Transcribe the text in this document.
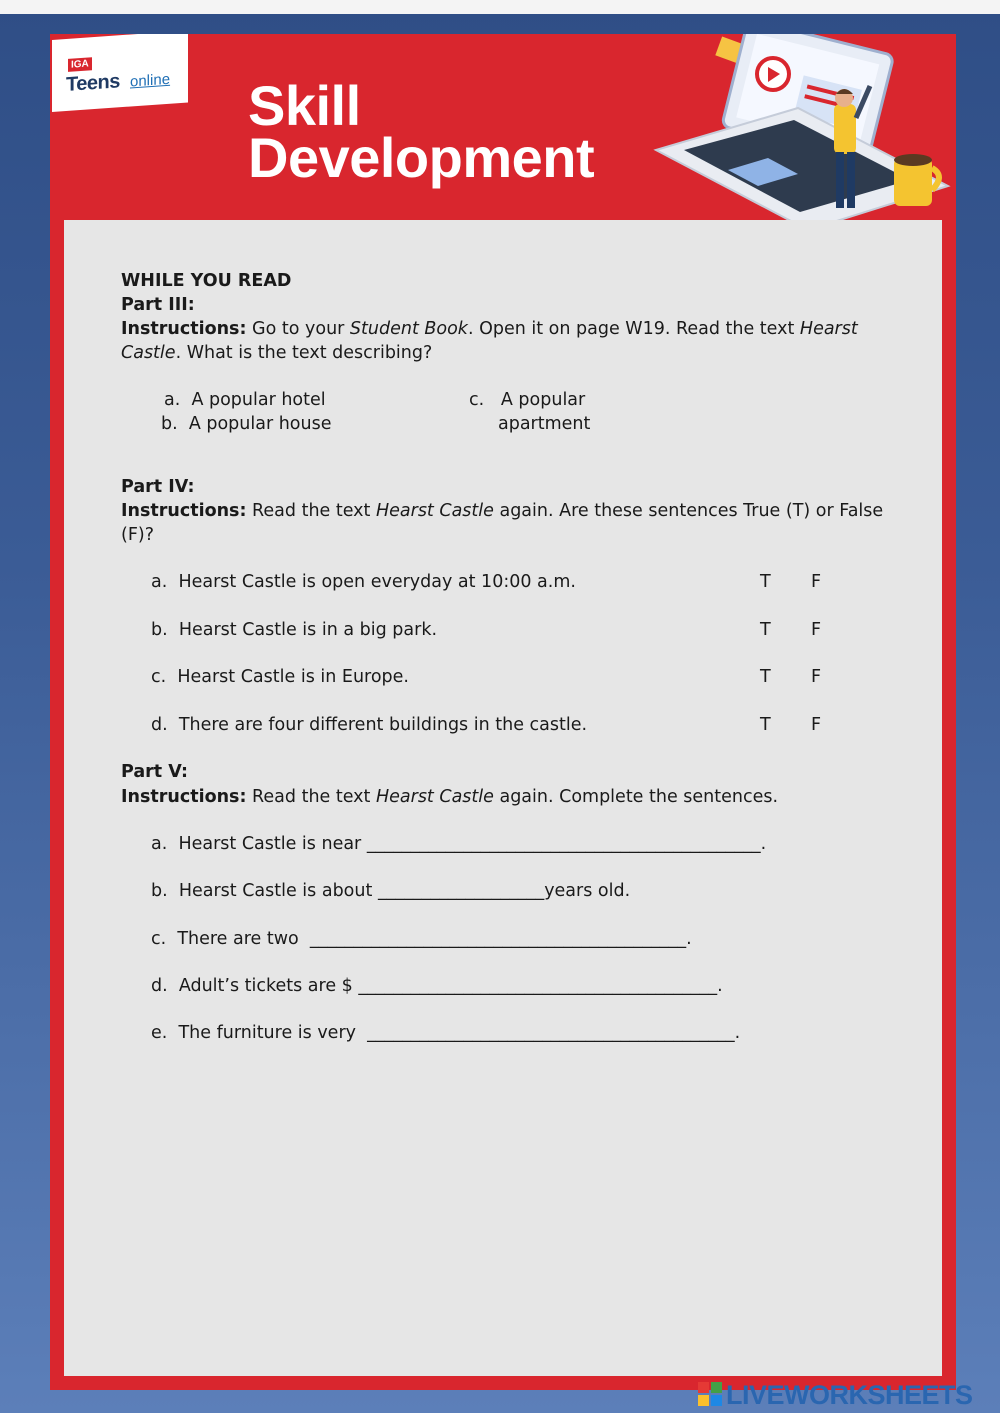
IGA
Teens online Skill
Development
WHILE YOU READ
Part III:
Instructions: Go to your Student Book. Open it on page W19. Read the text Hearst
Castle. What is the text describing?
a. A popular hotel
b. A popular house
c. A popular
apartment
Part IV:
Instructions: Read the text Hearst Castle again. Are these sentences True (T) or False
(F)?
a. Hearst Castle is open everyday at 10:00 a.m.	T F
b. Hearst Castle is in a big park.	T F
c. Hearst Castle is in Europe.	T F
d. There are four different buildings in the castle.	T F
Part V:
Instructions: Read the text Hearst Castle again. Complete the sentences.
a. Hearst Castle is near _____________________________________________.
b. Hearst Castle is about ___________________years old.
c. There are two ___________________________________________.
d. Adult’s tickets are $ _________________________________________.
e. The furniture is very __________________________________________.
LIVEWORKSHEETS
